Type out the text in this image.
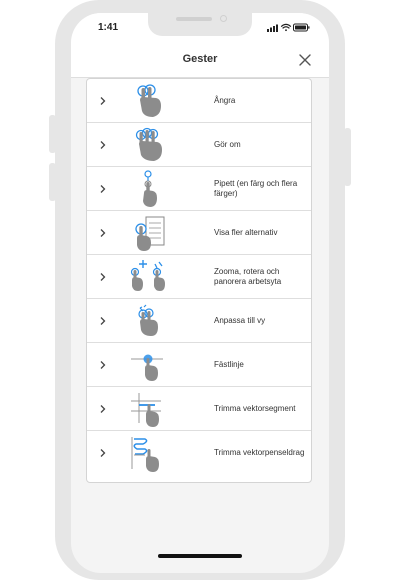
1:41
Gester
Ångra
Gör om
Pipett (en färg och flera färger)
Visa fler alternativ
Zooma, rotera och panorera arbetsyta
Anpassa till vy
Fästlinje
Trimma vektorsegment
Trimma vektorpenseldrag
